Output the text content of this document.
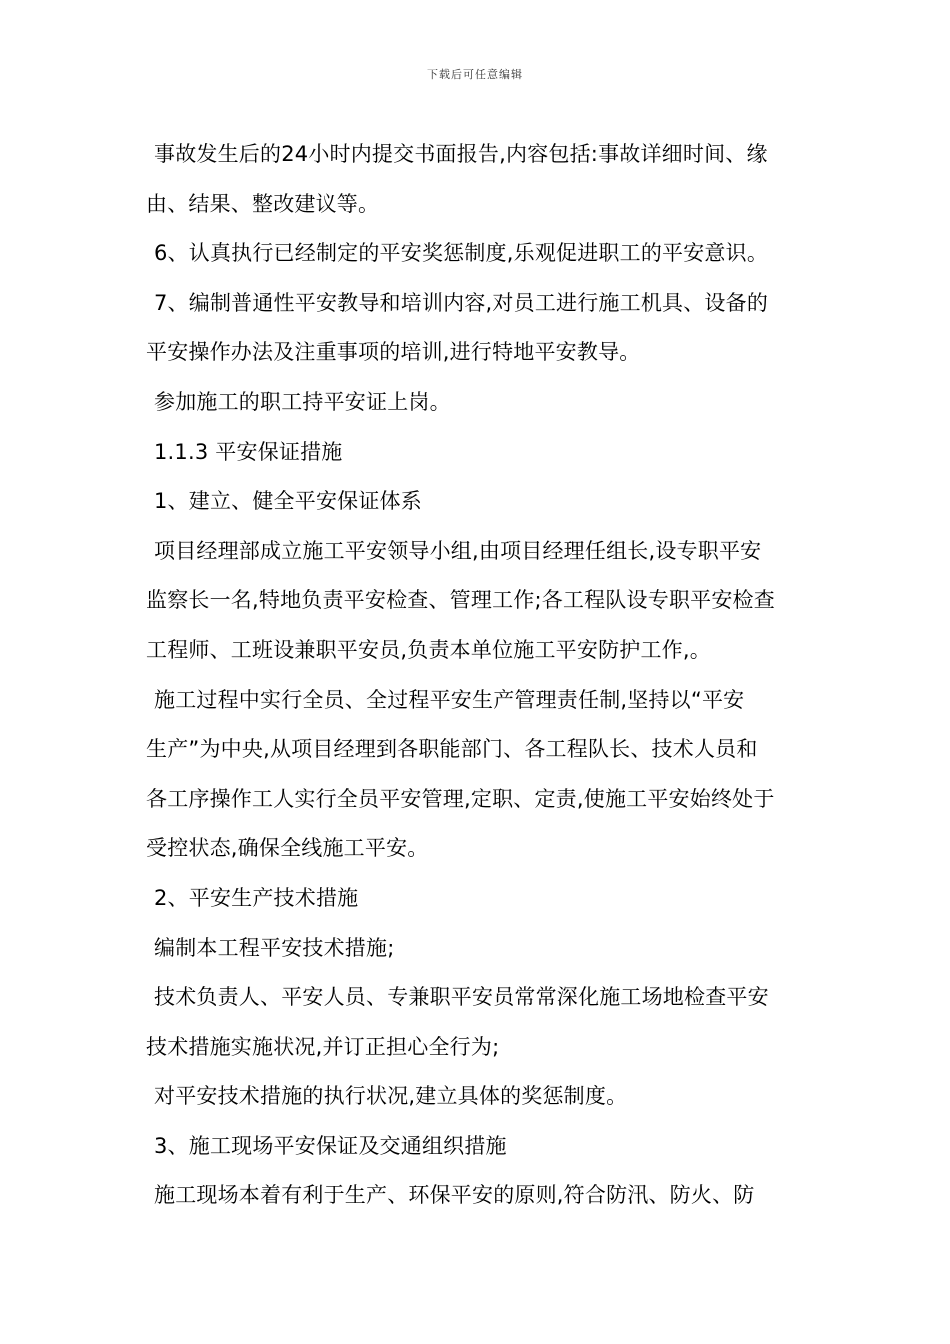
下载后可任意编辑
事故发生后的24小时内提交书面报告,内容包括:事故详细时间、缘
由、结果、整改建议等。
6、认真执行已经制定的平安奖惩制度,乐观促进职工的平安意识。
7、编制普通性平安教导和培训内容,对员工进行施工机具、设备的
平安操作办法及注重事项的培训,进行特地平安教导。
参加施工的职工持平安证上岗。
1.1.3 平安保证措施
1、建立、健全平安保证体系
项目经理部成立施工平安领导小组,由项目经理任组长,设专职平安
监察长一名,特地负责平安检查、管理工作;各工程队设专职平安检查
工程师、工班设兼职平安员,负责本单位施工平安防护工作,。
施工过程中实行全员、全过程平安生产管理责任制,坚持以“平安
生产”为中央,从项目经理到各职能部门、各工程队长、技术人员和
各工序操作工人实行全员平安管理,定职、定责,使施工平安始终处于
受控状态,确保全线施工平安。
2、平安生产技术措施
编制本工程平安技术措施;
技术负责人、平安人员、专兼职平安员常常深化施工场地检查平安
技术措施实施状况,并订正担心全行为;
对平安技术措施的执行状况,建立具体的奖惩制度。
3、施工现场平安保证及交通组织措施
施工现场本着有利于生产、环保平安的原则,符合防汛、防火、防
